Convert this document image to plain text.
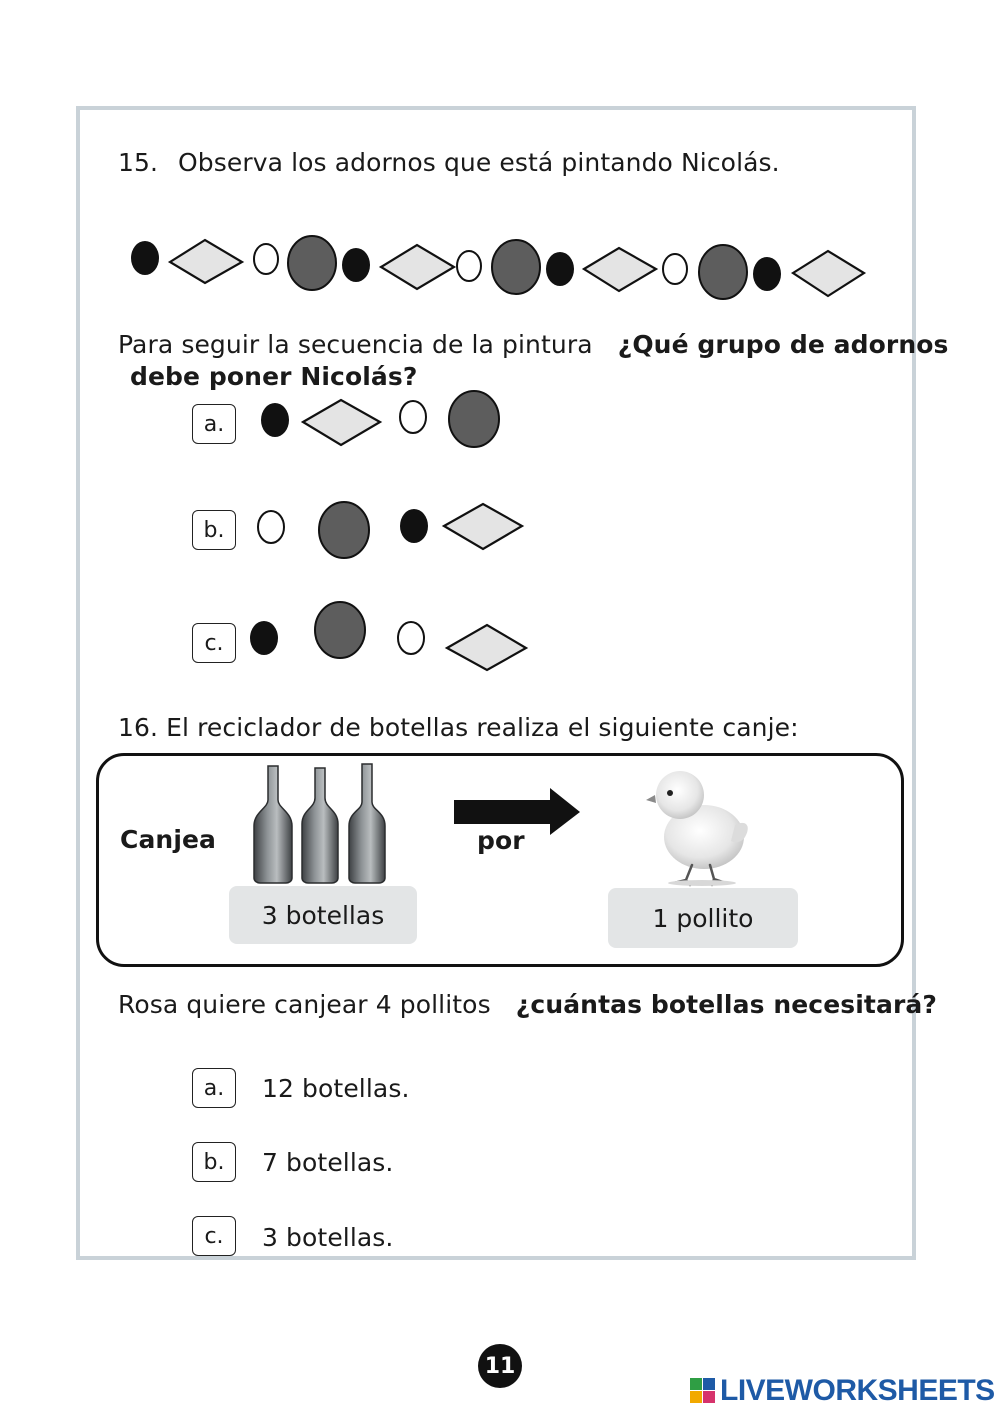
15. Observa los adornos que está pintando Nicolás.
Para seguir la secuencia de la pintura　¿Qué grupo de adornos
debe poner Nicolás?
a.
b.
c.
16. El reciclador de botellas realiza el siguiente canje:
Canjea
3 botellas
por
1 pollito
Rosa quiere canjear 4 pollitos　¿cuántas botellas necesitará?
a. 12 botellas.
b. 7 botellas.
c. 3 botellas.
11
LIVEWORKSHEETS
